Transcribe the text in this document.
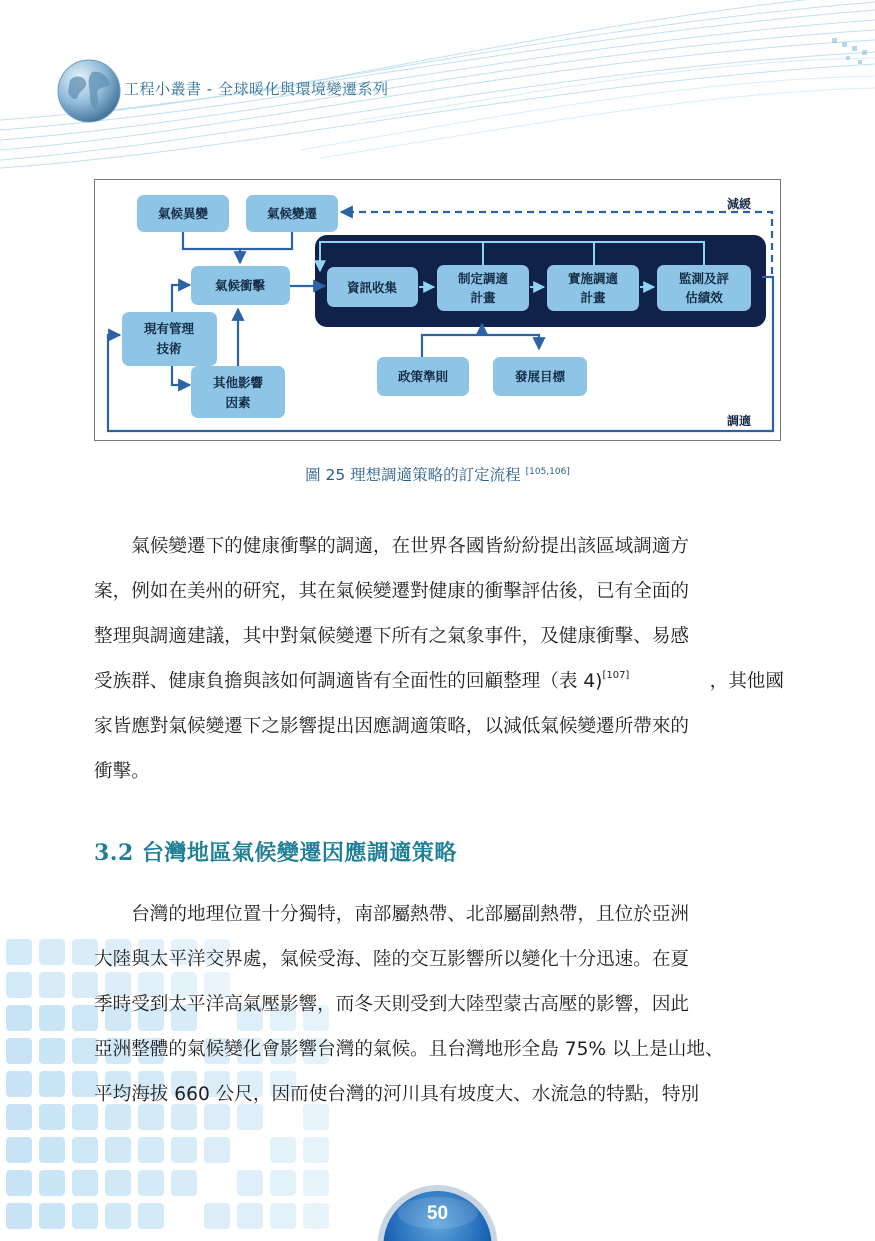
工程小叢書 - 全球暖化與環境變遷系列
氣候異變	氣候變遷
氣候衝擊
現有管理
技術
其他影響
因素
資訊收集
制定調適
計畫
實施調適
計畫
監測及評
估績效
政策準則	發展目標
減緩
調適
圖 25 理想調適策略的訂定流程 [105,106]
　　氣候變遷下的健康衝擊的調適，在世界各國皆紛紛提出該區域調適方
案，例如在美州的研究，其在氣候變遷對健康的衝擊評估後，已有全面的
整理與調適建議，其中對氣候變遷下所有之氣象事件，及健康衝擊、易感
受族群、健康負擔與該如何調適皆有全面性的回顧整理（表 4)[107]	，其他國
家皆應對氣候變遷下之影響提出因應調適策略，以減低氣候變遷所帶來的
衝擊。
3.2 台灣地區氣候變遷因應調適策略
　　台灣的地理位置十分獨特，南部屬熱帶、北部屬副熱帶，且位於亞洲
大陸與太平洋交界處，氣候受海、陸的交互影響所以變化十分迅速。在夏
季時受到太平洋高氣壓影響，而冬天則受到大陸型蒙古高壓的影響，因此
亞洲整體的氣候變化會影響台灣的氣候。且台灣地形全島 75% 以上是山地、
平均海拔 660 公尺，因而使台灣的河川具有坡度大、水流急的特點，特別
50
